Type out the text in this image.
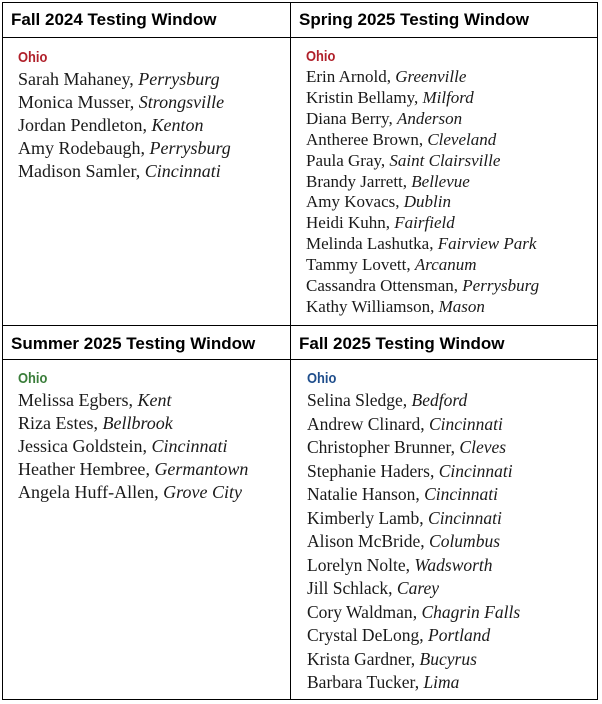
Fall 2024 Testing Window	Spring 2025 Testing Window
Summer 2025 Testing Window	Fall 2025 Testing Window
Ohio
Sarah Mahaney, Perrysburg
Monica Musser, Strongsville
Jordan Pendleton, Kenton
Amy Rodebaugh, Perrysburg
Madison Samler, Cincinnati
Ohio
Erin Arnold, Greenville
Kristin Bellamy, Milford
Diana Berry, Anderson
Antheree Brown, Cleveland
Paula Gray, Saint Clairsville
Brandy Jarrett, Bellevue
Amy Kovacs, Dublin
Heidi Kuhn, Fairfield
Melinda Lashutka, Fairview Park
Tammy Lovett, Arcanum
Cassandra Ottensman, Perrysburg
Kathy Williamson, Mason
Ohio
Melissa Egbers, Kent
Riza Estes, Bellbrook
Jessica Goldstein, Cincinnati
Heather Hembree, Germantown
Angela Huff-Allen, Grove City
Ohio
Selina Sledge, Bedford
Andrew Clinard, Cincinnati
Christopher Brunner, Cleves
Stephanie Haders, Cincinnati
Natalie Hanson, Cincinnati
Kimberly Lamb, Cincinnati
Alison McBride, Columbus
Lorelyn Nolte, Wadsworth
Jill Schlack, Carey
Cory Waldman, Chagrin Falls
Crystal DeLong, Portland
Krista Gardner, Bucyrus
Barbara Tucker, Lima
